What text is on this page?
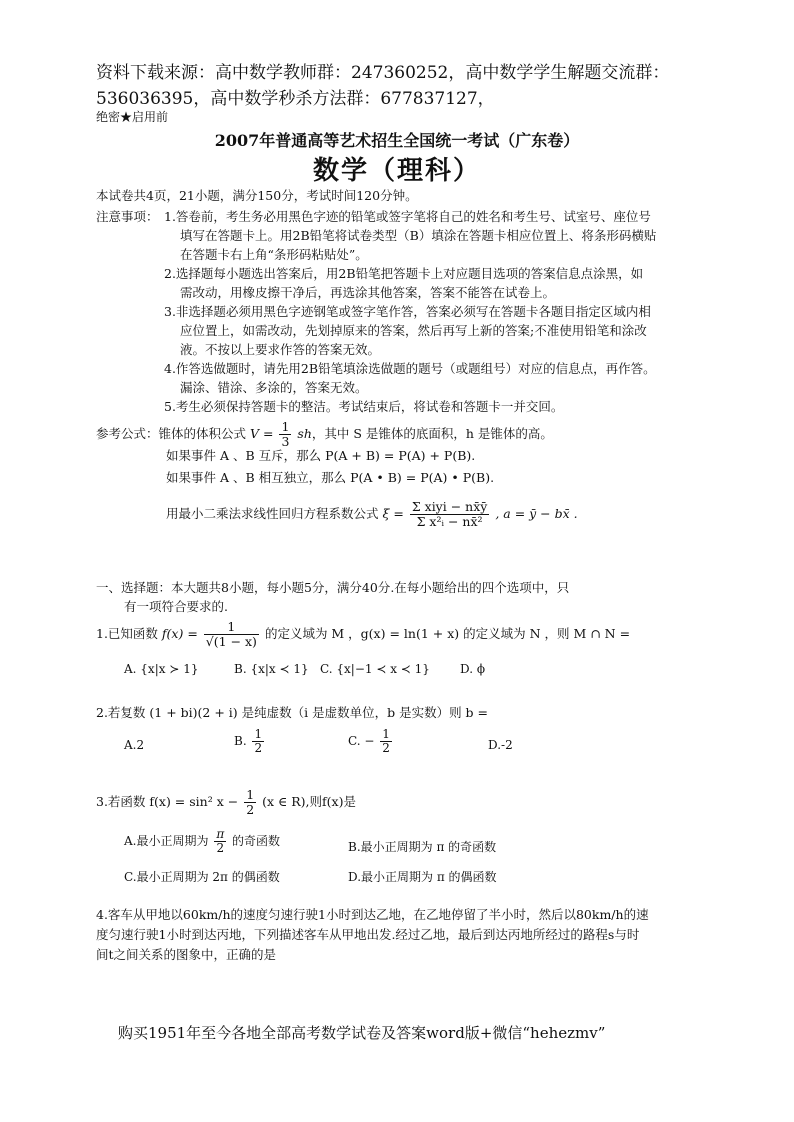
资料下载来源：高中数学教师群：247360252，高中数学学生解题交流群：
536036395，高中数学秒杀方法群：677837127，
绝密★启用前
2007年普通高等艺术招生全国统一考试（广东卷）
数学（理科）
本试卷共4页，21小题，满分150分，考试时间120分钟。
注意事项： 1.答卷前，考生务必用黑色字迹的铅笔或签字笔将自己的姓名和考生号、试室号、座位号
填写在答题卡上。用2B铅笔将试卷类型（B）填涂在答题卡相应位置上、将条形码横贴
在答题卡右上角“条形码粘贴处”。
2.选择题每小题选出答案后，用2B铅笔把答题卡上对应题目选项的答案信息点涂黑，如
需改动，用橡皮擦干净后，再选涂其他答案，答案不能答在试卷上。
3.非选择题必须用黑色字迹钢笔或签字笔作答，答案必须写在答题卡各题目指定区域内相
应位置上，如需改动，先划掉原来的答案，然后再写上新的答案;不准使用铅笔和涂改
液。不按以上要求作答的答案无效。
4.作答选做题时，请先用2B铅笔填涂选做题的题号（或题组号）对应的信息点，再作答。
漏涂、错涂、多涂的，答案无效。
5.考生必须保持答题卡的整洁。考试结束后，将试卷和答题卡一并交回。
参考公式：锥体的体积公式 $V = \frac{1}{3}$ sh，其中 S 是锥体的底面积，h 是锥体的高。
如果事件 A 、B 互斥，那么 P(A + B) = P(A) + P(B).
如果事件 A 、B 相互独立，那么 P(A • B) = P(A) • P(B).
用最小二乘法求线性回归方程系数公式 $\xi = \frac{\text{Σ xiyi − nx̄ȳ}}{\text{Σ x²ᵢ − nx̄²}}$ , a = ȳ − bx̄ .
一、选择题：本大题共8小题，每小题5分，满分40分.在每小题给出的四个选项中，只
有一项符合要求的.
1.已知函数 $f(x) = \frac{1}{√(1 - x)}$ 的定义域为 M ，g(x) = ln(1 + x) 的定义域为 N ，则 M ∩ N =
A. {x|x ≻ 1}	B. {x|x ≺ 1} C. {x|−1 ≺ x ≺ 1}	D. ϕ
2.若复数 (1 + bi)(2 + i) 是纯虚数（i 是虚数单位，b 是实数）则 b =
A.2	B. $\frac{1}{2}$	C. − $\frac{1}{2}$	D.-2
3.若函数 f(x) = sin² $x - \frac{1}{2} (x$ ∈ R),则f(x)是
A.最小正周期为 $\frac{\pi}{2}$ 的奇函数	B.最小正周期为 π 的奇函数
C.最小正周期为 2π 的偶函数	D.最小正周期为 π 的偶函数
4.客车从甲地以60km/h的速度匀速行驶1小时到达乙地，在乙地停留了半小时，然后以80km/h的速
度匀速行驶1小时到达丙地，下列描述客车从甲地出发.经过乙地，最后到达丙地所经过的路程s与时
间t之间关系的图象中，正确的是
购买1951年至今各地全部高考数学试卷及答案word版+微信“hehezmv”
